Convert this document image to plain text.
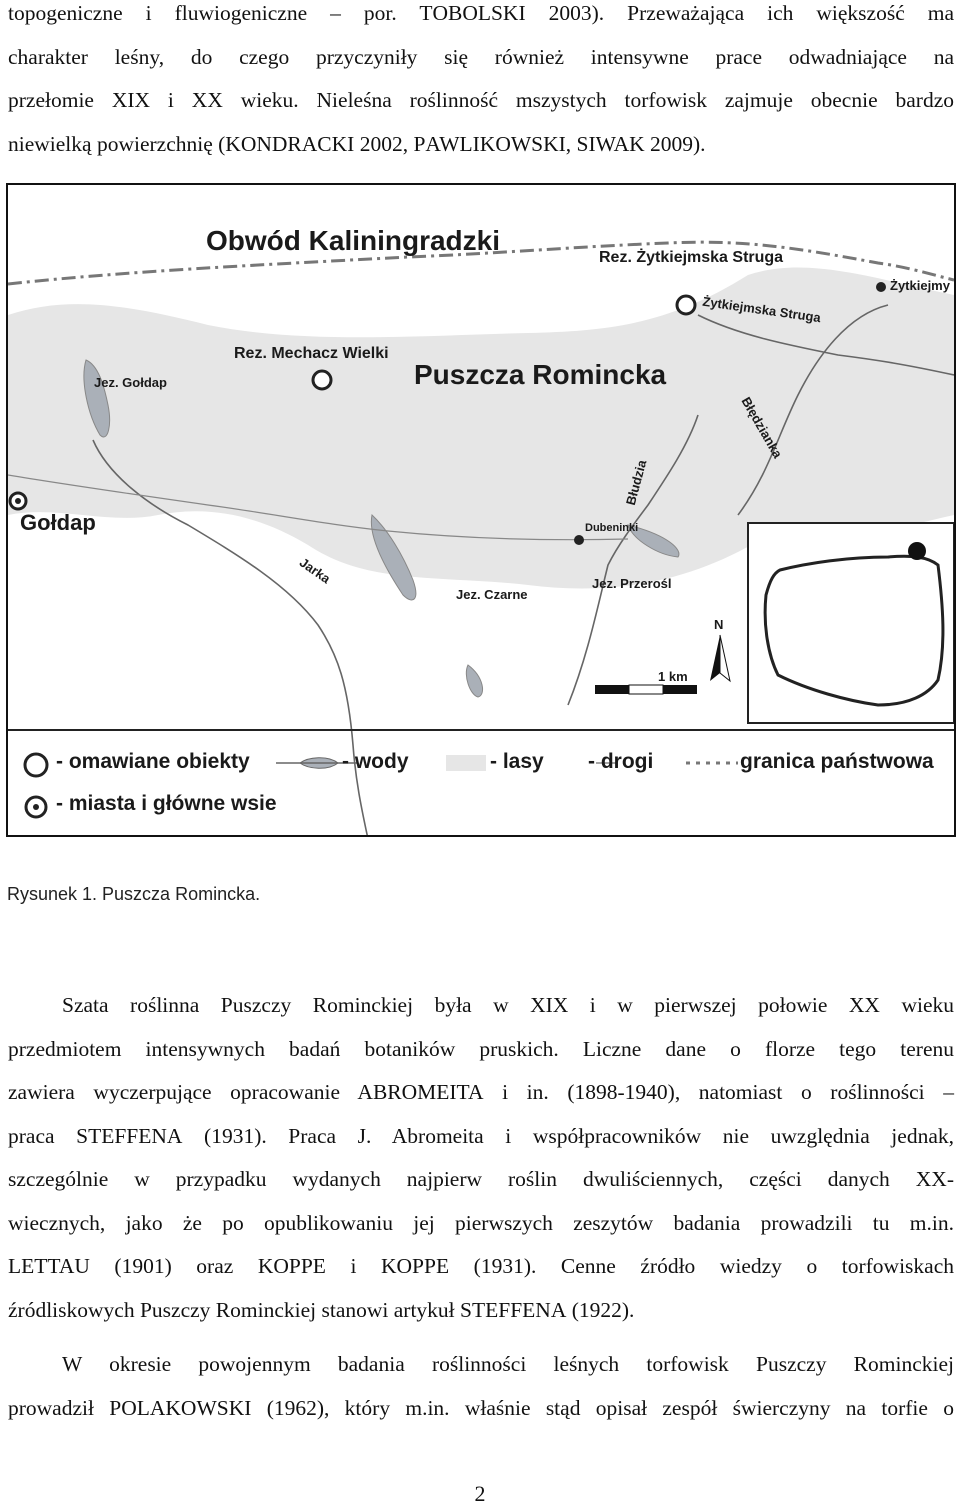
topogeniczne i fluwiogeniczne – por. TOBOLSKI 2003). Przeważająca ich większość ma
charakter leśny, do czego przyczyniły się również intensywne prace odwadniające na
przełomie XIX i XX wieku. Nieleśna roślinność mszystych torfowisk zajmuje obecnie bardzo
niewielką powierzchnię (KONDRACKI 2002, PAWLIKOWSKI, SIWAK 2009).
Obwód Kaliningradzki
Puszcza Romincka
Rez. Żytkiejmska Struga
Żytkiejmy
Żytkiejmska Struga
Rez. Mechacz Wielki
Jez. Gołdap
Błędzianka
Błudzia
Gołdap	Dubeninki
Jarka
Jez. Czarne
Jez. Przerośl
N
1 km
- omawiane obiekty	- wody	- lasy - drogi	granica państwowa
- miasta i główne wsie
Rysunek 1. Puszcza Romincka.
Szata roślinna Puszczy Rominckiej była w XIX i w pierwszej połowie XX wieku
przedmiotem intensywnych badań botaników pruskich. Liczne dane o florze tego terenu
zawiera wyczerpujące opracowanie ABROMEITA i in. (1898-1940), natomiast o roślinności –
praca STEFFENA (1931). Praca J. Abromeita i współpracowników nie uwzględnia jednak,
szczególnie w przypadku wydanych najpierw roślin dwuliściennych, części danych XX-
wiecznych, jako że po opublikowaniu jej pierwszych zeszytów badania prowadzili tu m.in.
LETTAU (1901) oraz KOPPE i KOPPE (1931). Cenne źródło wiedzy o torfowiskach
źródliskowych Puszczy Rominckiej stanowi artykuł STEFFENA (1922).
W okresie powojennym badania roślinności leśnych torfowisk Puszczy Rominckiej
prowadził POLAKOWSKI (1962), który m.in. właśnie stąd opisał zespół świerczyny na torfie o
2
